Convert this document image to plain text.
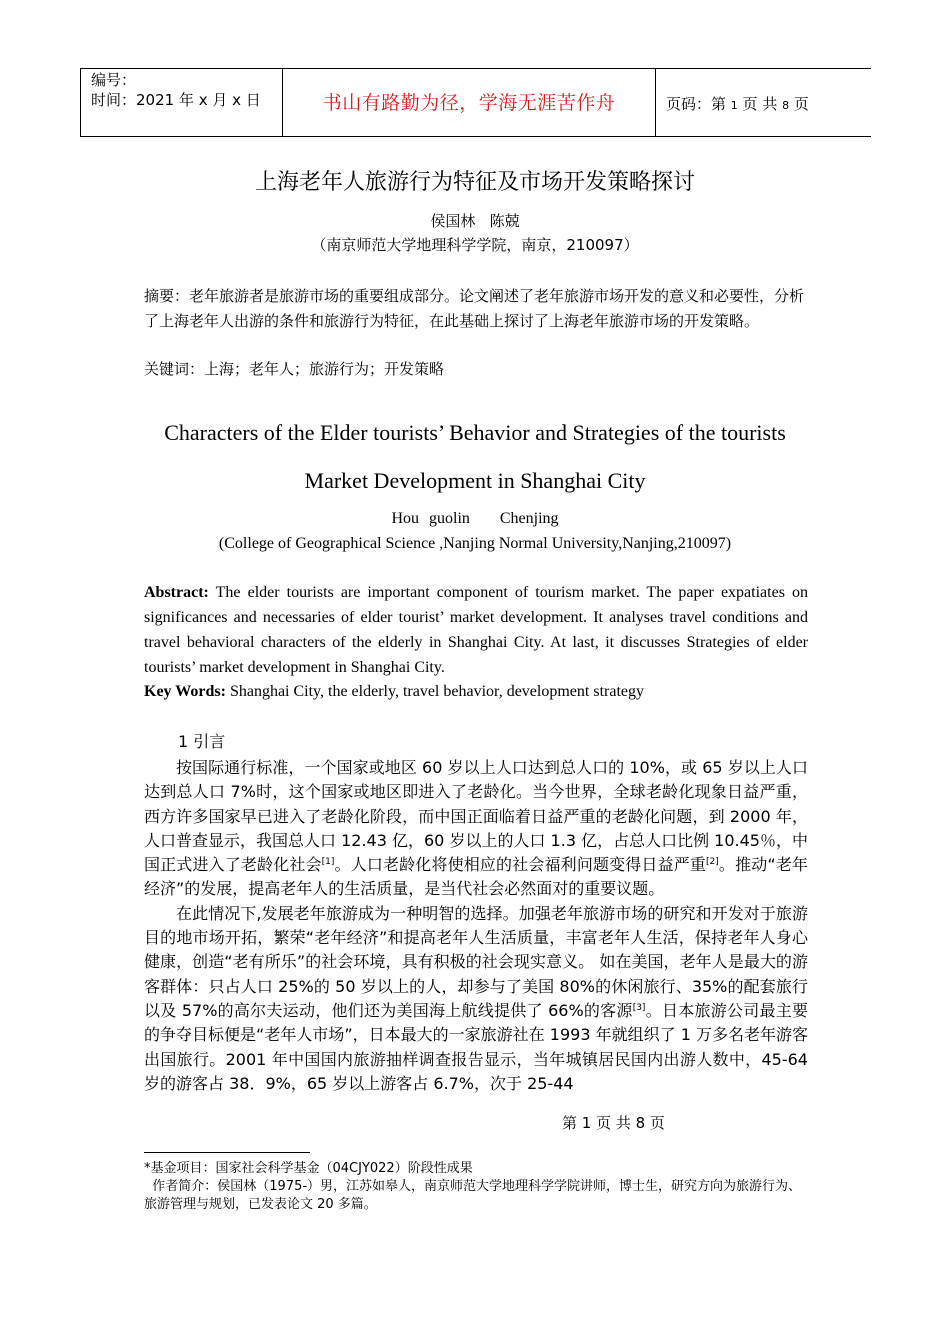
编号：
时间：2021 年 x 月 x 日	书山有路勤为径，学海无涯苦作舟	页码：第 1 页 共 8 页
上海老年人旅游行为特征及市场开发策略探讨
侯国林   陈兢
（南京师范大学地理科学学院，南京，210097）
摘要：老年旅游者是旅游市场的重要组成部分。论文阐述了老年旅游市场开发的意义和必要性，分析了上海老年人出游的条件和旅游行为特征，在此基础上探讨了上海老年旅游市场的开发策略。
关键词：上海；老年人；旅游行为；开发策略
Characters of the Elder tourists’ Behavior and Strategies of the tourists
Market Development in Shanghai City
Hou guolin   Chenjing
(College of Geographical Science ,Nanjing Normal University,Nanjing,210097)
Abstract: The elder tourists are important component of tourism market. The paper expatiates on significances and necessaries of elder tourist’ market development. It analyses travel conditions and travel behavioral characters of the elderly in Shanghai City. At last, it discusses Strategies of elder tourists’ market development in Shanghai City.
Key Words: Shanghai City, the elderly, travel behavior, development strategy
1 引言

按国际通行标准，一个国家或地区 60 岁以上人口达到总人口的 10%，或 65 岁以上人口达到总人口 7%时，这个国家或地区即进入了老龄化。当今世界，全球老龄化现象日益严重，西方许多国家早已进入了老龄化阶段，而中国正面临着日益严重的老龄化问题，到 2000 年，人口普查显示，我国总人口 12.43 亿，60 岁以上的人口 1.3 亿，占总人口比例 10.45％，中国正式进入了老龄化社会[1]。人口老龄化将使相应的社会福利问题变得日益严重[2]。推动“老年经济”的发展，提高老年人的生活质量，是当代社会必然面对的重要议题。

在此情况下,发展老年旅游成为一种明智的选择。加强老年旅游市场的研究和开发对于旅游目的地市场开拓，繁荣“老年经济”和提高老年人生活质量，丰富老年人生活，保持老年人身心健康，创造“老有所乐”的社会环境，具有积极的社会现实意义。 如在美国，老年人是最大的游客群体：只占人口 25%的 50 岁以上的人，却参与了美国 80%的休闲旅行、35%的配套旅行以及 57%的高尔夫运动，他们还为美国海上航线提供了 66%的客源[3]。日本旅游公司最主要的争夺目标便是“老年人市场”，日本最大的一家旅游社在 1993 年就组织了 1 万多名老年游客出国旅行。2001 年中国国内旅游抽样调查报告显示，当年城镇居民国内出游人数中，45-64 岁的游客占 38．9%，65 岁以上游客占 6.7%，次于 25-44

第 1 页 共 8 页
*基金项目：国家社会科学基金（04CJY022）阶段性成果
作者简介：侯国林（1975-）男，江苏如皋人，南京师范大学地理科学学院讲师，博士生，研究方向为旅游行为、旅游管理与规划，已发表论文 20 多篇。
